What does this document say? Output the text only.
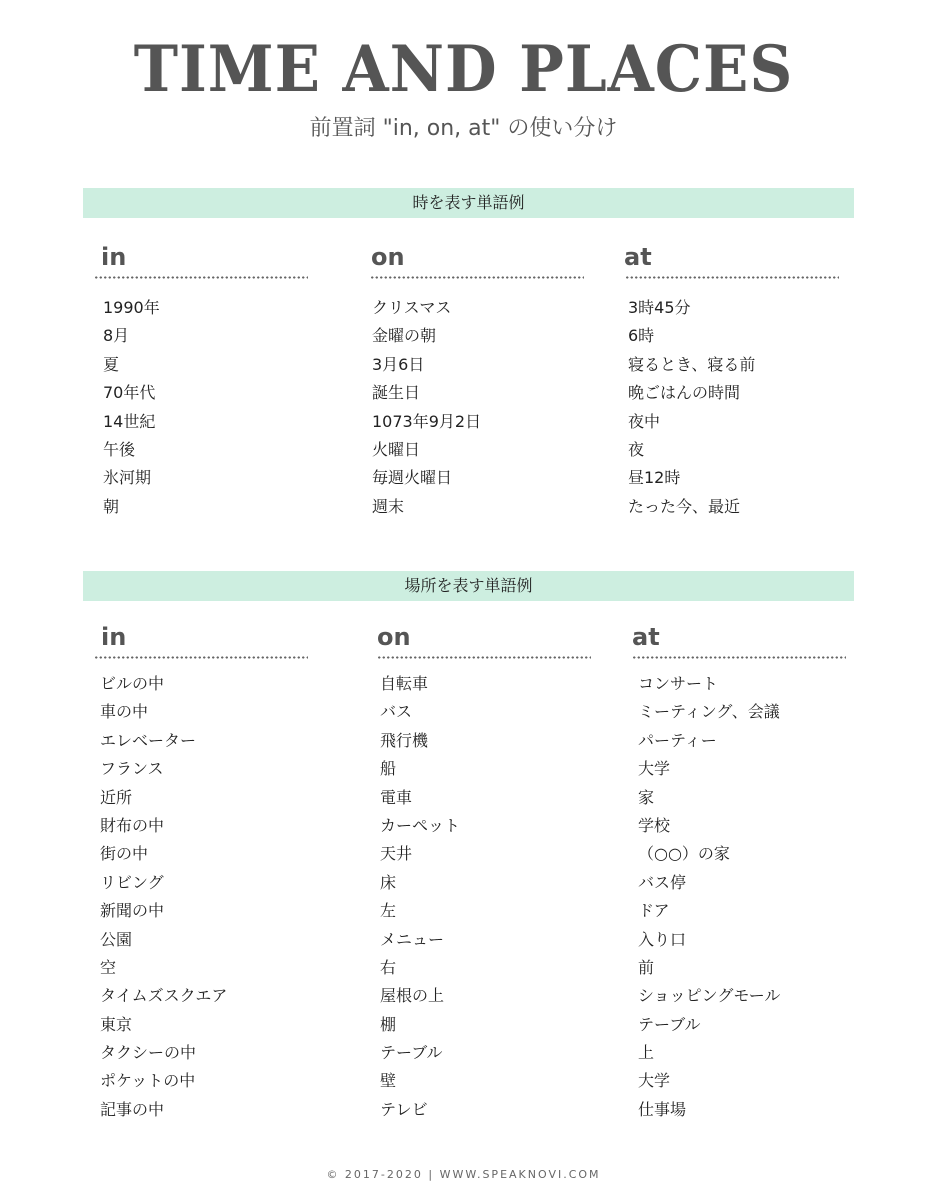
TIME AND PLACES
前置詞 "in, on, at" の使い分け
時を表す単語例
in
1990年
8月
夏
70年代
14世紀
午後
氷河期
朝
on
クリスマス
金曜の朝
3月6日
誕生日
1073年9月2日
火曜日
毎週火曜日
週末
at
3時45分
6時
寝るとき、寝る前
晩ごはんの時間
夜中
夜
昼12時
たった今、最近
場所を表す単語例
in
ビルの中
車の中
エレベーター
フランス
近所
財布の中
街の中
リビング
新聞の中
公園
空
タイムズスクエア
東京
タクシーの中
ポケットの中
記事の中
on
自転車
バス
飛行機
船
電車
カーペット
天井
床
左
メニュー
右
屋根の上
棚
テーブル
壁
テレビ
at
コンサート
ミーティング、会議
パーティー
大学
家
学校
（○○）の家
バス停
ドア
入り口
前
ショッピングモール
テーブル
上
大学
仕事場
© 2017-2020 | WWW.SPEAKNOVI.COM
